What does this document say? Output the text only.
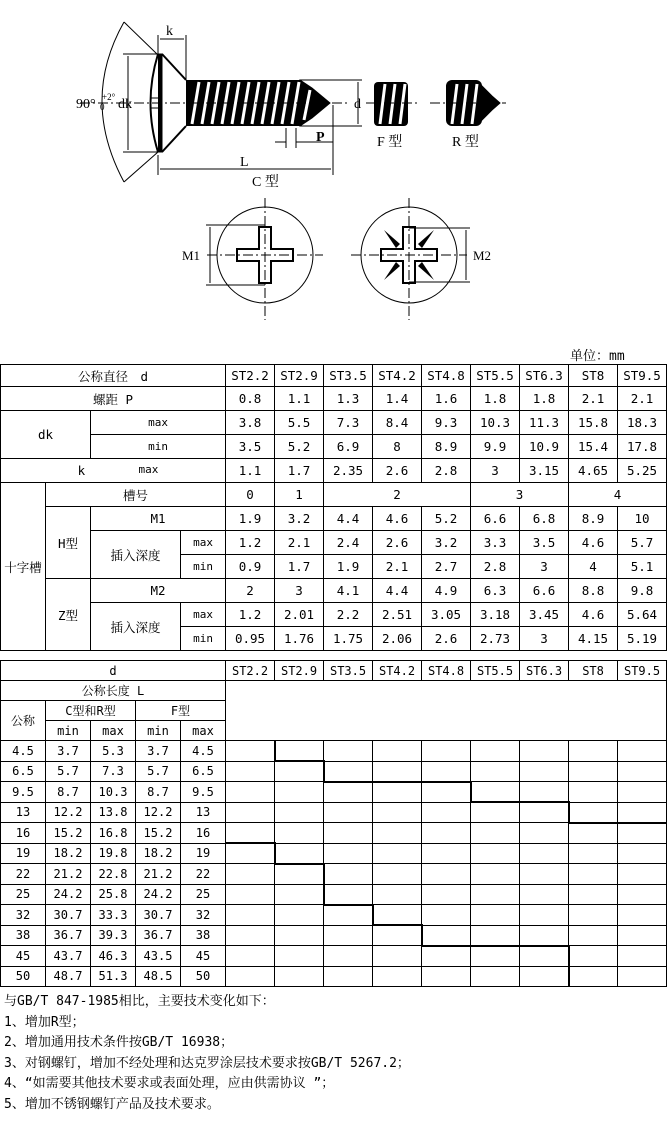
k
90° +2°
0 dk	d
P
L
C 型
F 型	R 型
M1	M2
单位：mm
公称直径　d				ST2.2	ST2.9	ST3.5	ST4.2	ST4.8	ST5.5	ST6.3	ST8	ST9.5
螺距 P				0.8	1.1	1.3	1.4	1.6	1.8	1.8	2.1	2.1
dk		max		3.8	5.5	7.3	8.4	9.3	10.3	11.3	15.8	18.3
		min		3.5	5.2	6.9	8	8.9	9.9	10.9	15.4	17.8

k max				1.1	1.7	2.35	2.6	2.8	3	3.15	4.65	5.25
十字槽	槽号			0	1	2			3		4	
	H型	M1		1.9	3.2	4.4	4.6	5.2	6.6	6.8	8.9	10
		插入深度	max	1.2	2.1	2.4	2.6	3.2	3.3	3.5	4.6	5.7
			min	0.9	1.7	1.9	2.1	2.7	2.8	3	4	5.1
	Z型	M2		2	3	4.1	4.4	4.9	6.3	6.6	8.8	9.8
		插入深度	max	1.2	2.01	2.2	2.51	3.05	3.18	3.45	4.6	5.64
			min	0.95	1.76	1.75	2.06	2.6	2.73	3	4.15	5.19
d					ST2.2	ST2.9	ST3.5	ST4.2	ST4.8	ST5.5	ST6.3	ST8	ST9.5
公称长度 L													
公称	C型和R型		F型										
	min	max	min	max									
4.5	3.7	5.3	3.7	4.5									
6.5	5.7	7.3	5.7	6.5									
9.5	8.7	10.3	8.7	9.5									
13	12.2	13.8	12.2	13									
16	15.2	16.8	15.2	16									
19	18.2	19.8	18.2	19									
22	21.2	22.8	21.2	22									
25	24.2	25.8	24.2	25									
32	30.7	33.3	30.7	32									
38	36.7	39.3	36.7	38									
45	43.7	46.3	43.5	45									
50	48.7	51.3	48.5	50									
与GB/T 847-1985相比，主要技术变化如下：
1、增加R型；
2、增加通用技术条件按GB/T 16938；
3、对钢螺钉，增加不经处理和达克罗涂层技术要求按GB/T 5267.2；
4、“如需要其他技术要求或表面处理，应由供需协议 ”；
5、增加不锈钢螺钉产品及技术要求。
